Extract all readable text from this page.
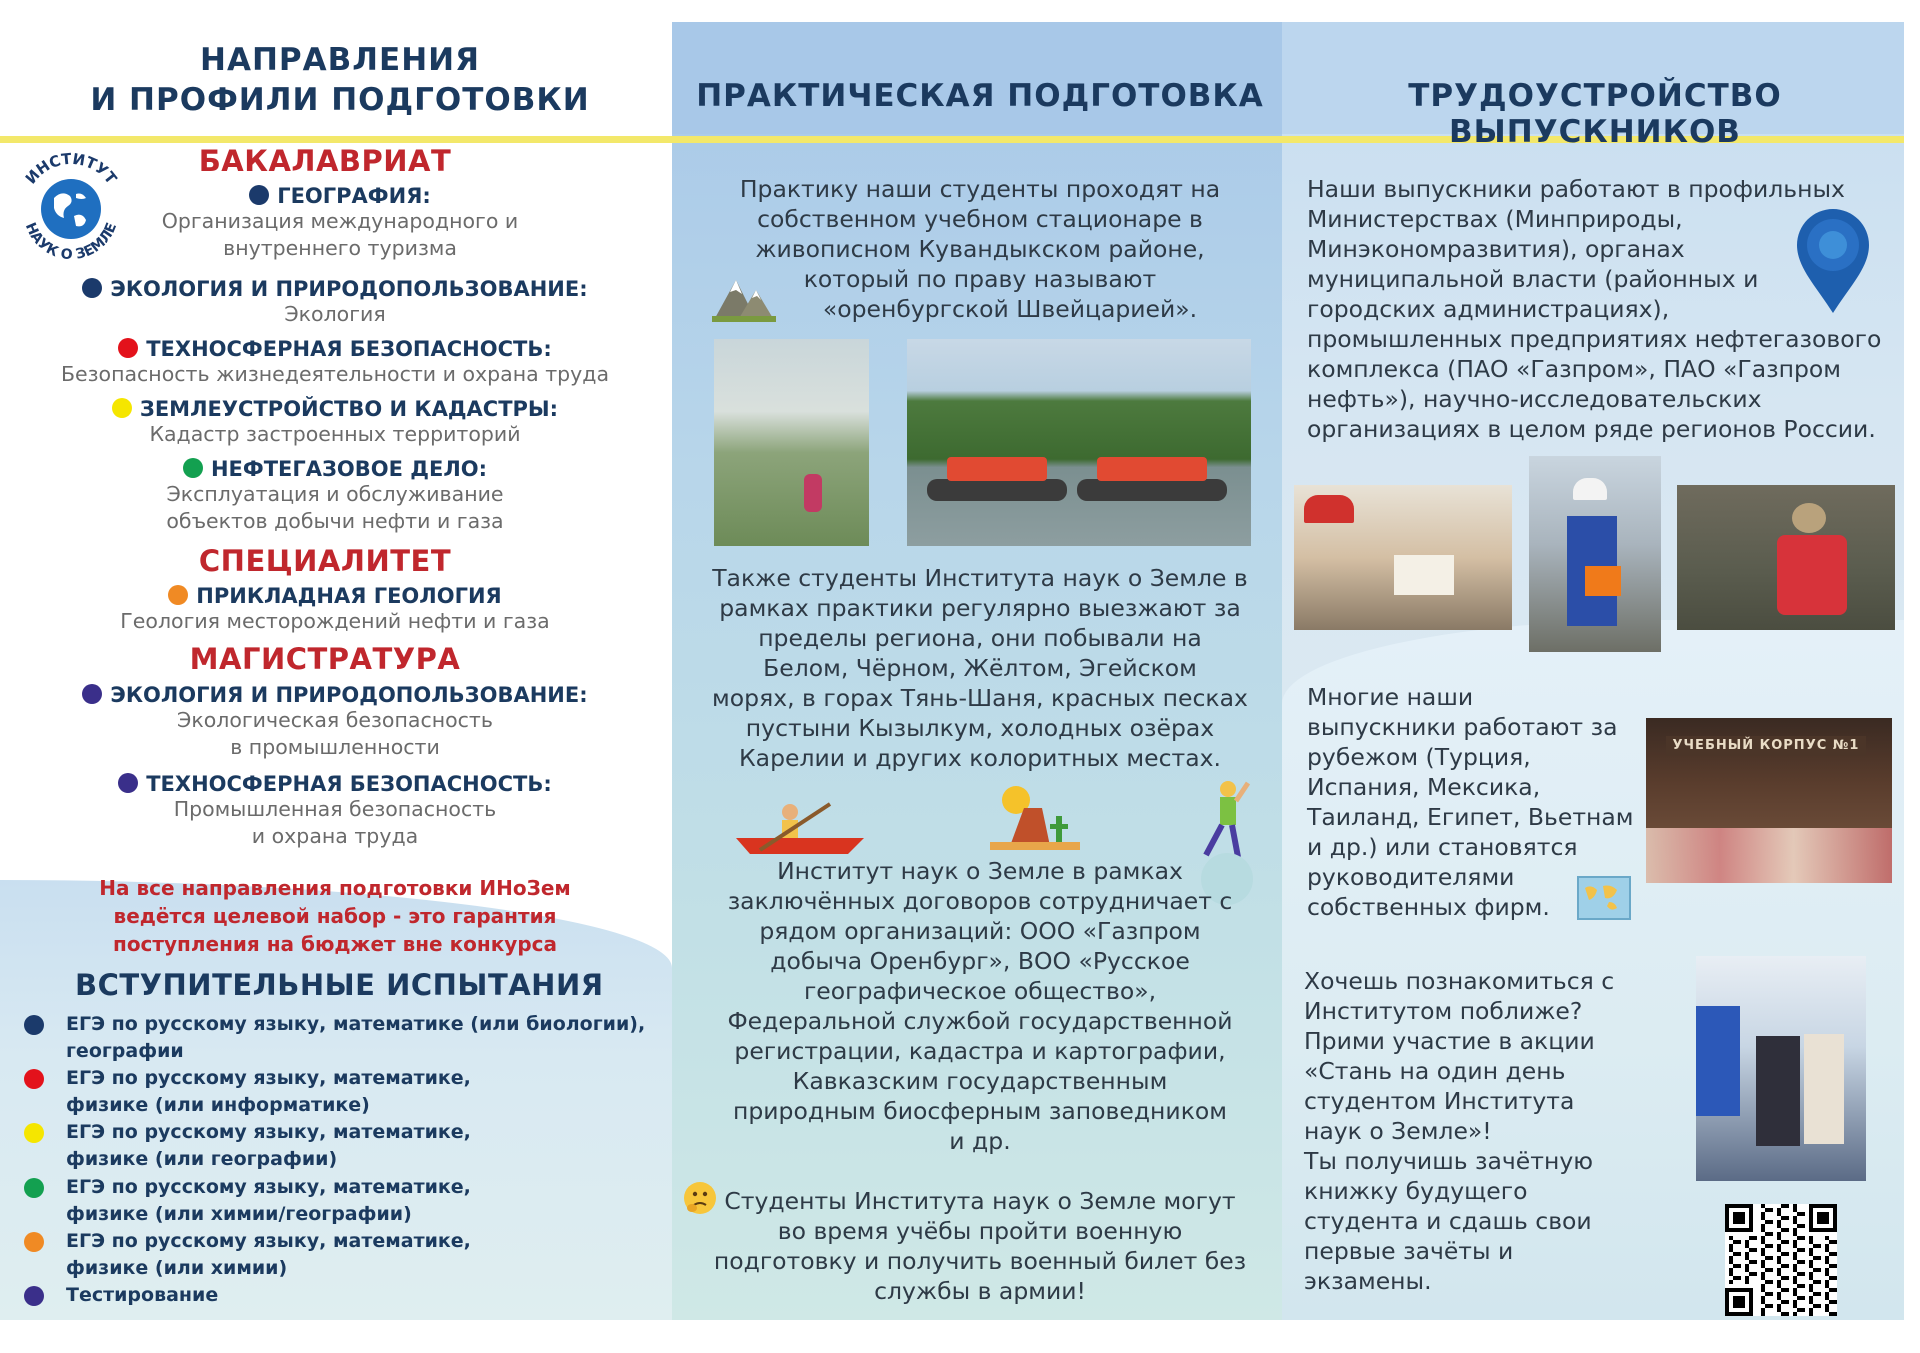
НАПРАВЛЕНИЯ
И ПРОФИЛИ ПОДГОТОВКИ	ПРАКТИЧЕСКАЯ ПОДГОТОВКА	ТРУДОУСТРОЙСТВО ВЫПУСКНИКОВ
ИНСТИТУТ
НАУК О ЗЕМЛЕ
БАКАЛАВРИАТ
ГЕОГРАФИЯ:
Организация международного и
внутреннего туризма
ЭКОЛОГИЯ И ПРИРОДОПОЛЬЗОВАНИЕ:
Экология
ТЕХНОСФЕРНАЯ БЕЗОПАСНОСТЬ:
Безопасность жизнедеятельности и охрана труда
ЗЕМЛЕУСТРОЙСТВО И КАДАСТРЫ:
Кадастр застроенных территорий
НЕФТЕГАЗОВОЕ ДЕЛО:
Эксплуатация и обслуживание
объектов добычи нефти и газа
СПЕЦИАЛИТЕТ
ПРИКЛАДНАЯ ГЕОЛОГИЯ
Геология месторождений нефти и газа
МАГИСТРАТУРА
ЭКОЛОГИЯ И ПРИРОДОПОЛЬЗОВАНИЕ:
Экологическая безопасность
в промышленности
ТЕХНОСФЕРНАЯ БЕЗОПАСНОСТЬ:
Промышленная безопасность
и охрана труда
На все направления подготовки ИНоЗем
ведётся целевой набор - это гарантия
поступления на бюджет вне конкурса
ВСТУПИТЕЛЬНЫЕ ИСПЫТАНИЯ
ЕГЭ по русскому языку, математике (или биологии),
географии
ЕГЭ по русскому языку, математике,
физике (или информатике)
ЕГЭ по русскому языку, математике,
физике (или географии)
ЕГЭ по русскому языку, математике,
физике (или химии/географии)
ЕГЭ по русскому языку, математике,
физике (или химии)
Тестирование
Практику наши студенты проходят на
собственном учебном стационаре в
живописном Кувандыкском районе,
который по праву называют
«оренбургской Швейцарией».
Также студенты Института наук о Земле в
рамках практики регулярно выезжают за
пределы региона, они побывали на
Белом, Чёрном, Жёлтом, Эгейском
морях, в горах Тянь-Шаня, красных песках
пустыни Кызылкум, холодных озёрах
Карелии и других колоритных местах.
Институт наук о Земле в рамках
заключённых договоров сотрудничает с
рядом организаций: ООО «Газпром
добыча Оренбург», ВОО «Русское
географическое общество»,
Федеральной службой государственной
регистрации, кадастра и картографии,
Кавказским государственным
природным биосферным заповедником
и др.
Студенты Института наук о Земле могут
во время учёбы пройти военную
подготовку и получить военный билет без
службы в армии!
Наши выпускники работают в профильных
Министерствах (Минприроды,
Минэкономразвития), органах
муниципальной власти (районных и
городских администрациях),
промышленных предприятиях нефтегазового
комплекса (ПАО «Газпром», ПАО «Газпром
нефть»), научно-исследовательских
организациях в целом ряде регионов России.
Многие наши
выпускники работают за
рубежом (Турция,
Испания, Мексика,
Таиланд, Египет, Вьетнам
и др.) или становятся
руководителями
собственных фирм.
УЧЕБНЫЙ КОРПУС №1
Хочешь познакомиться с
Институтом поближе?
Прими участие в акции
«Стань на один день
студентом Института
наук о Земле»!
Ты получишь зачётную
книжку будущего
студента и сдашь свои
первые зачёты и
экзамены.
